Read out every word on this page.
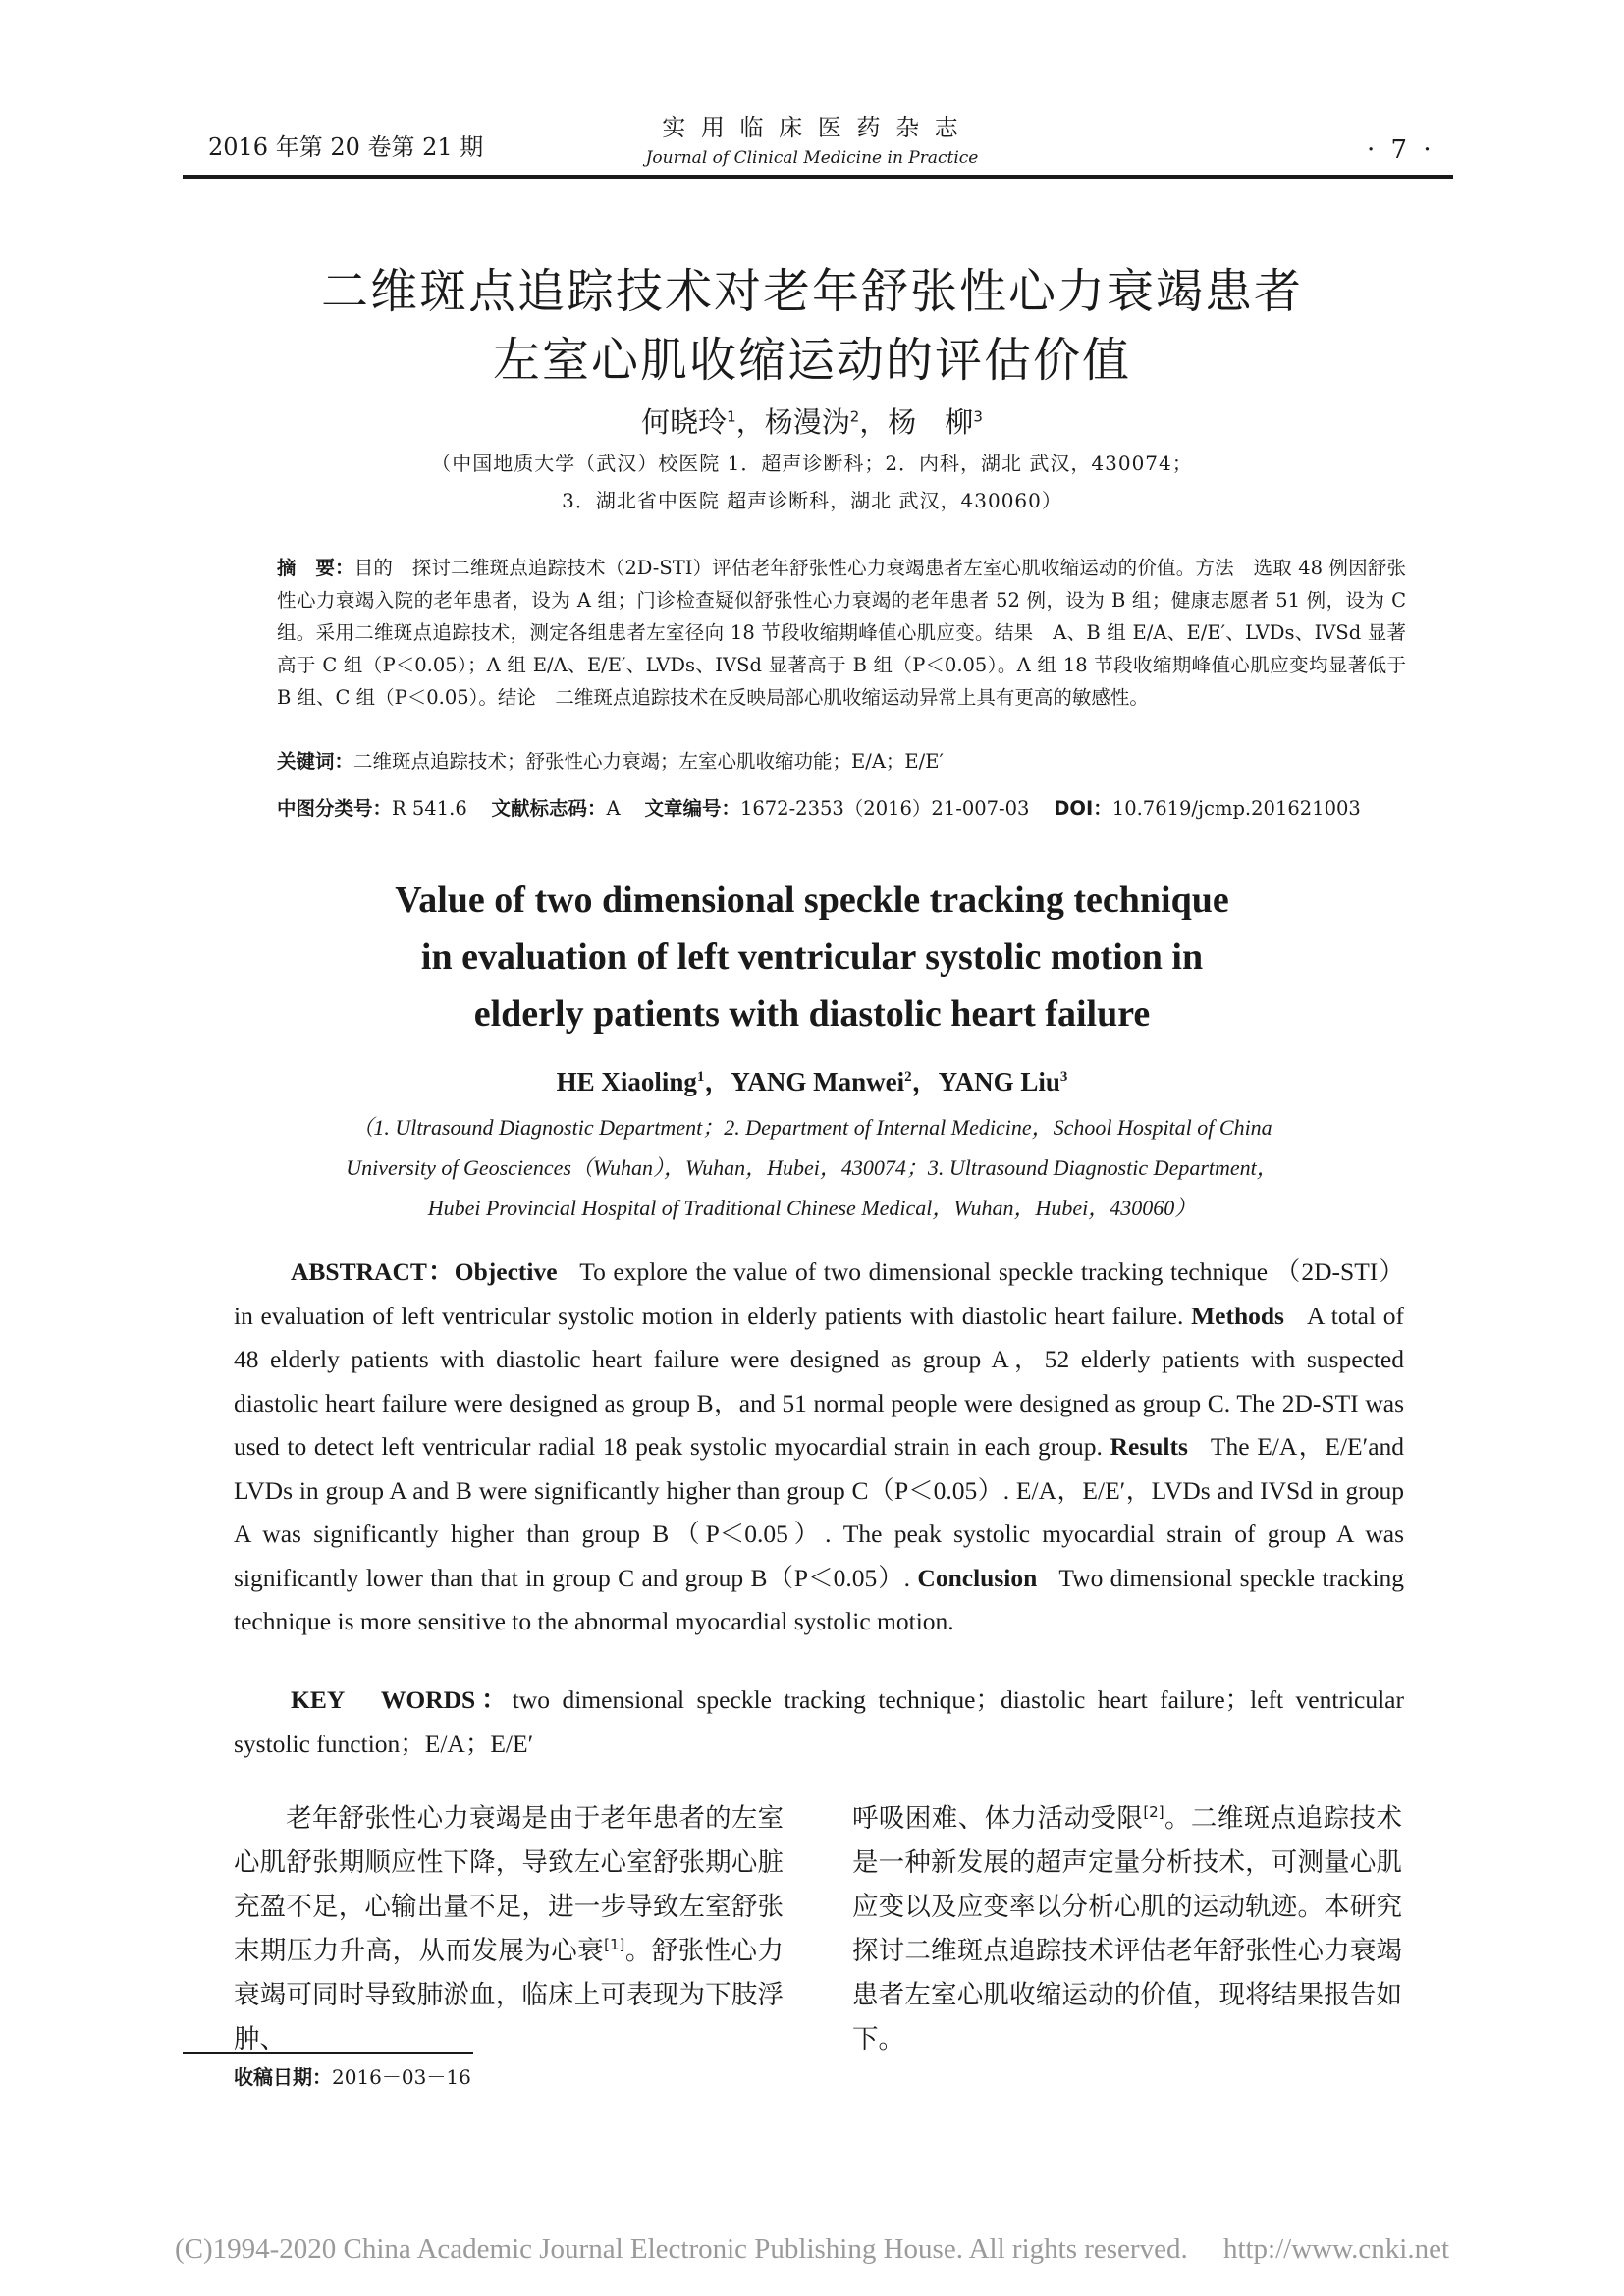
2016 年第 20 卷第 21 期
实 用 临 床 医 药 杂 志
Journal of Clinical Medicine in Practice	· 7 ·
二维斑点追踪技术对老年舒张性心力衰竭患者
左室心肌收缩运动的评估价值
何晓玲$^1$，杨漫沩$^2$，杨　柳$^3$
（中国地质大学（武汉）校医院 1．超声诊断科；2．内科，湖北 武汉，430074；
3．湖北省中医院 超声诊断科，湖北 武汉，430060）
摘　要：目的　探讨二维斑点追踪技术（2D-STI）评估老年舒张性心力衰竭患者左室心肌收缩运动的价值。方法　选取 48 例因舒张性心力衰竭入院的老年患者，设为 A 组；门诊检查疑似舒张性心力衰竭的老年患者 52 例，设为 B 组；健康志愿者 51 例，设为 C 组。采用二维斑点追踪技术，测定各组患者左室径向 18 节段收缩期峰值心肌应变。结果　A、B 组 E/A、E/E′、LVDs、IVSd 显著高于 C 组（P＜0.05）；A 组 E/A、E/E′、LVDs、IVSd 显著高于 B 组（P＜0.05）。A 组 18 节段收缩期峰值心肌应变均显著低于 B 组、C 组（P＜0.05）。结论　二维斑点追踪技术在反映局部心肌收缩运动异常上具有更高的敏感性。
关键词：二维斑点追踪技术；舒张性心力衰竭；左室心肌收缩功能；E/A；E/E′
中图分类号：R 541.6 文献标志码：A 文章编号：1672-2353（2016）21-007-03 DOI：10.7619/jcmp.201621003
Value of two dimensional speckle tracking technique
in evaluation of left ventricular systolic motion in
elderly patients with diastolic heart failure
HE Xiaoling$^1$，YANG Manwei$^2$，YANG Liu$^3$
（1. Ultrasound Diagnostic Department；2. Department of Internal Medicine，School Hospital of China
University of Geosciences（Wuhan），Wuhan，Hubei，430074；3. Ultrasound Diagnostic Department，
Hubei Provincial Hospital of Traditional Chinese Medical，Wuhan，Hubei，430060）
ABSTRACT：Objective To explore the value of two dimensional speckle tracking technique （2D-STI） in evaluation of left ventricular systolic motion in elderly patients with diastolic heart failure. Methods A total of 48 elderly patients with diastolic heart failure were designed as group A，52 elderly patients with suspected diastolic heart failure were designed as group B，and 51 normal people were designed as group C. The 2D-STI was used to detect left ventricular radial 18 peak systolic myocardial strain in each group. Results The E/A，E/E′and LVDs in group A and B were significantly higher than group C（P＜0.05）. E/A，E/E′，LVDs and IVSd in group A was significantly higher than group B（P＜0.05）. The peak systolic myocardial strain of group A was significantly lower than that in group C and group B（P＜0.05）. Conclusion Two dimensional speckle tracking technique is more sensitive to the abnormal myocardial systolic motion.
KEY　WORDS：two dimensional speckle tracking technique；diastolic heart failure；left ventricular systolic function；E/A；E/E′
老年舒张性心力衰竭是由于老年患者的左室心肌舒张期顺应性下降，导致左心室舒张期心脏充盈不足，心输出量不足，进一步导致左室舒张末期压力升高，从而发展为心衰[1]。舒张性心力衰竭可同时导致肺淤血，临床上可表现为下肢浮肿、
呼吸困难、体力活动受限[2]。二维斑点追踪技术是一种新发展的超声定量分析技术，可测量心肌应变以及应变率以分析心肌的运动轨迹。本研究探讨二维斑点追踪技术评估老年舒张性心力衰竭患者左室心肌收缩运动的价值，现将结果报告如下。
收稿日期：2016－03－16
(C)1994-2020 China Academic Journal Electronic Publishing House. All rights reserved.　 http://www.cnki.net
